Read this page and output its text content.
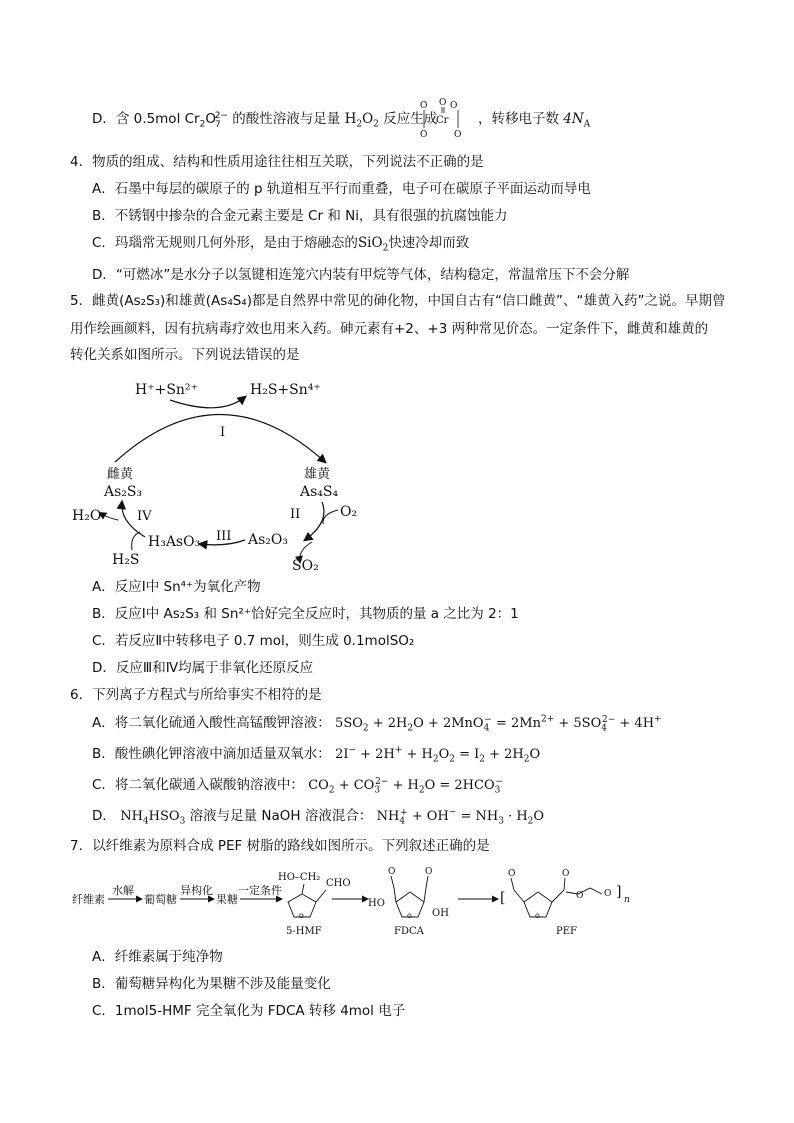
D．含 0.5mol $Cr_2O_7^{2-}$ 的酸性溶液与足量 $H_2O_2$ 反应生成
O	O
O
Cr
O	O
，转移电子数 $4N_A$
4．物质的组成、结构和性质用途往往相互关联，下列说法不正确的是
A．石墨中每层的碳原子的 p 轨道相互平行而重叠，电子可在碳原子平面运动而导电
B．不锈钢中掺杂的合金元素主要是 Cr 和 Ni，具有很强的抗腐蚀能力
C．玛瑙常无规则几何外形，是由于熔融态的SiO$_2$快速冷却而致
D．“可燃冰”是水分子以氢键相连笼穴内装有甲烷等气体，结构稳定，常温常压下不会分解
5．雌黄(As₂S₃)和雄黄(As₄S₄)都是自然界中常见的砷化物，中国自古有“信口雌黄”、“雄黄入药”之说。早期曾
用作绘画颜料，因有抗病毒疗效也用来入药。砷元素有+2、+3 两种常见价态。一定条件下，雌黄和雄黄的
转化关系如图所示。下列说法错误的是
H⁺+Sn²⁺	H₂S+Sn⁴⁺
I
雌黄
As₂S₃
雄黄
As₄S₄
II	O₂
As₂O₃
SO₂
III
H₃AsO₃
IV
H₂O
H₂S
A．反应Ⅰ中 Sn⁴⁺为氧化产物
B．反应Ⅰ中 As₂S₃ 和 Sn²⁺恰好完全反应时，其物质的量 a 之比为 2：1
C．若反应Ⅱ中转移电子 0.7 mol，则生成 0.1molSO₂
D．反应Ⅲ和Ⅳ均属于非氧化还原反应
6．下列离子方程式与所给事实不相符的是
A．将二氧化硫通入酸性高锰酸钾溶液： $5SO_2 + 2H_2O + 2MnO_4^- = 2Mn^{2+} + 5SO_4^{2-} + 4H^+$
B．酸性碘化钾溶液中滴加适量双氧水： $2I^- + 2H^+ + H_2O_2 = I_2 + 2H_2O$
C．将二氧化碳通入碳酸钠溶液中： $CO_2 + CO_3^{2-} + H_2O = 2HCO_3^-$
D． $NH_4HSO_3$ 溶液与足量 NaOH 溶液混合： $NH_4^+ + OH^- = NH_3 \cdot H_2O$
7．以纤维素为原料合成 PEF 树脂的路线如图所示。下列叙述正确的是
纤维素
水解
葡萄糖
异构化
果糖
一定条件
HO–CH₂
o
CHO
5-HMF
O	O
o
HO
OH
FDCA
[
O
o
O
O O ] n
PEF
A．纤维素属于纯净物
B．葡萄糖异构化为果糖不涉及能量变化
C．1mol5-HMF 完全氧化为 FDCA 转移 4mol 电子
